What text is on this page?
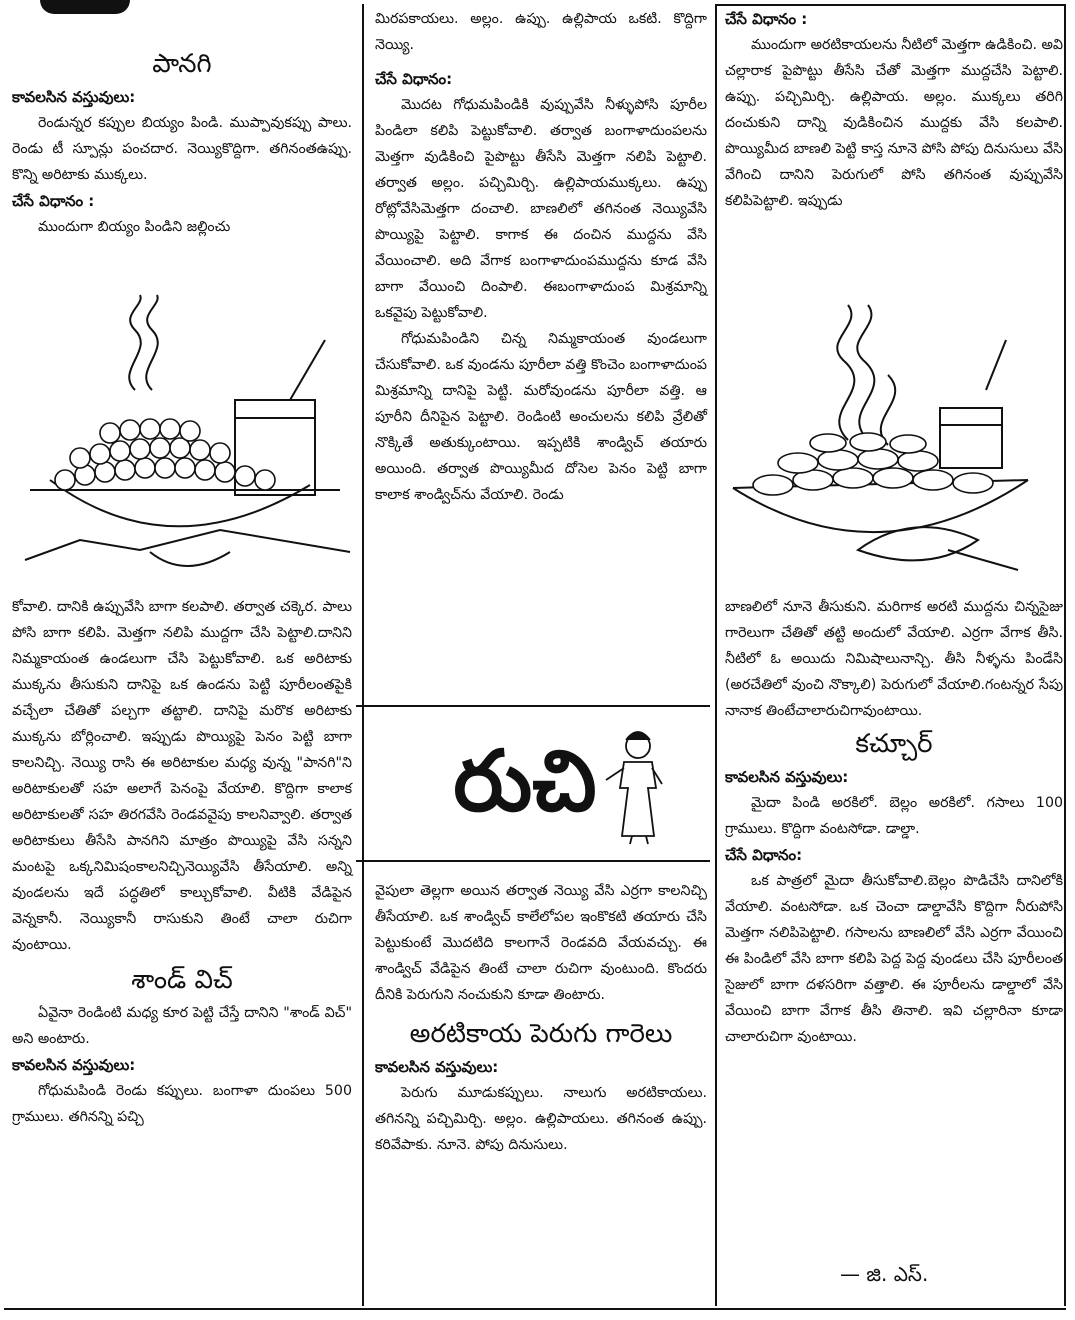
పానగి
కావలసిన వస్తువులు:

రెండున్నర కప్పుల బియ్యం పిండి. ముప్పావుకప్పు పాలు. రెండు టీ స్పూన్లు పంచదార. నెయ్యికొద్దిగా. తగినంతఉప్పు. కొన్ని అరిటాకు ముక్కలు.

చేసే విధానం :

ముందుగా బియ్యం పిండిని జల్లించు

కోవాలి. దానికి ఉప్పువేసి బాగా కలపాలి. తర్వాత చక్కెర. పాలు పోసి బాగా కలిపి. మెత్తగా నలిపి ముద్దగా చేసి పెట్టాలి.దానిని నిమ్మకాయంత ఉండలుగా చేసి పెట్టుకోవాలి. ఒక అరిటాకు ముక్కను తీసుకుని దానిపై ఒక ఉండను పెట్టి పూరీలంతపైకి వచ్చేలా చేతితో పల్చగా తట్టాలి. దానిపై మరొక అరిటాకు ముక్కను బోర్లించాలి. ఇప్పుడు పొయ్యిపై పెనం పెట్టి బాగా కాలనిచ్చి. నెయ్యి రాసి ఈ అరిటాకుల మధ్య వున్న "పానగి"ని అరిటాకులతో సహ అలాగే పెనంపై వేయాలి. కొద్దిగా కాలాక అరిటాకులతో సహ తిరగవేసి రెండవవైపు కాలనివ్వాలి. తర్వాత అరిటాకులు తీసేసి పానగిని మాత్రం పొయ్యిపై వేసి సన్నని మంటపై ఒక్కనిమిషంకాలనిచ్చినెయ్యివేసి తీసేయాలి. అన్ని వుండలను ఇదే పద్ధతిలో కాల్చుకోవాలి. వీటికి వేడిపైన వెన్నకానీ. నెయ్యికానీ రాసుకుని తింటే చాలా రుచిగా వుంటాయి.

శాండ్ విచ్

ఏవైనా రెండింటి మధ్య కూర పెట్టి చేస్తే దానిని "శాండ్ విచ్" అని అంటారు.

కావలసిన వస్తువులు:

గోధుమపిండి రెండు కప్పులు. బంగాళా దుంపలు 500 గ్రాములు. తగినన్ని పచ్చి

మిరపకాయలు. అల్లం. ఉప్పు. ఉల్లిపాయ ఒకటి. కొద్దిగా నెయ్యి.

చేసే విధానం:

మొదట గోధుమపిండికి వుప్పువేసి నీళ్ళుపోసి పూరీల పిండిలా కలిపి పెట్టుకోవాలి. తర్వాత బంగాళాదుంపలను మెత్తగా వుడికించి పైపొట్టు తీసేసి మెత్తగా నలిపి పెట్టాలి. తర్వాత అల్లం. పచ్చిమిర్చి. ఉల్లిపాయముక్కలు. ఉప్పు రోట్లోవేసిమెత్తగా దంచాలి. బాణలిలో తగినంత నెయ్యివేసి పొయ్యిపై పెట్టాలి. కాగాక ఈ దంచిన ముద్దను వేసి వేయించాలి. అది వేగాక బంగాళాదుంపముద్దను కూడ వేసి బాగా వేయించి దింపాలి. ఈబంగాళాదుంప మిశ్రమాన్ని ఒకవైపు పెట్టుకోవాలి.

గోధుమపిండిని చిన్న నిమ్మకాయంత వుండలుగా చేసుకోవాలి. ఒక వుండను పూరీలా వత్తి కొంచెం బంగాళాదుంప మిశ్రమాన్ని దానిపై పెట్టి. మరోవుండను పూరీలా వత్తి. ఆ పూరీని దీనిపైన పెట్టాలి. రెండింటి అంచులను కలిపి వ్రేలితో నొక్కితే అతుక్కుంటాయి. ఇప్పటికి శాండ్విచ్ తయారు అయింది. తర్వాత పొయ్యిమీద దోసెల పెనం పెట్టి బాగా కాలాక శాండ్విచ్‌ను వేయాలి. రెండు

రుచి

వైపులా తెల్లగా అయిన తర్వాత నెయ్యి వేసి ఎర్రగా కాలనిచ్చి తీసేయాలి. ఒక శాండ్విచ్ కాలేలోపల ఇంకొకటి తయారు చేసి పెట్టుకుంటే మొదటిది కాలగానే రెండవది వేయవచ్చు. ఈ శాండ్విచ్ వేడిపైన తింటే చాలా రుచిగా వుంటుంది. కొందరు దీనికి పెరుగుని నంచుకుని కూడా తింటారు.

అరటికాయ పెరుగు గారెలు
కావలసిన వస్తువులు:

పెరుగు మూడుకప్పులు. నాలుగు అరటికాయలు. తగినన్ని పచ్చిమిర్చి. అల్లం. ఉల్లిపాయలు. తగినంత ఉప్పు. కరివేపాకు. నూనె. పోపు దినుసులు.

చేసే విధానం :

ముందుగా అరటికాయలను నీటిలో మెత్తగా ఉడికించి. అవి చల్లారాక పైపొట్టు తీసేసి చేతో మెత్తగా ముద్దచేసి పెట్టాలి. ఉప్పు. పచ్చిమిర్చి. ఉల్లిపాయ. అల్లం. ముక్కలు తరిగి దంచుకుని దాన్ని వుడికించిన ముద్దకు వేసి కలపాలి. పొయ్యిమీద బాణలి పెట్టి కాస్త నూనె పోసి పోపు దినుసులు వేసి వేగించి దానిని పెరుగులో పోసి తగినంత వుప్పువేసి కలిపిపెట్టాలి. ఇప్పుడు

బాణలిలో నూనె తీసుకుని. మరిగాక అరటి ముద్దను చిన్నసైజు గారెలుగా చేతితో తట్టి అందులో వేయాలి. ఎర్రగా వేగాక తీసి. నీటిలో ఓ అయిదు నిమిషాలునాన్చి. తీసి నీళ్ళను పిండేసి (అరచేతిలో వుంచి నొక్కాలి) పెరుగులో వేయాలి.గంటన్నర సేపు నానాక తింటేచాలారుచిగావుంటాయి.

కచ్చూర్
కావలసిన వస్తువులు:

మైదా పిండి అరకిలో. బెల్లం అరకిలో. గసాలు 100 గ్రాములు. కొద్దిగా వంటసోడా. డాల్డా.

చేసే విధానం:

ఒక పాత్రలో మైదా తీసుకోవాలి.బెల్లం పొడిచేసి దానిలోకి వేయాలి. వంటసోడా. ఒక చెంచా డాల్డావేసి కొద్దిగా నీరుపోసి మెత్తగా నలిపిపెట్టాలి. గసాలను బాణలిలో వేసి ఎర్రగా వేయించి ఈ పిండిలో వేసి బాగా కలిపి పెద్ద పెద్ద వుండలు చేసి పూరీలంత సైజులో బాగా దళసరిగా వత్తాలి. ఈ పూరీలను డాల్డాలో వేసి వేయించి బాగా వేగాక తీసి తినాలి. ఇవి చల్లారినా కూడా చాలారుచిగా వుంటాయి.

— జి. ఎస్.
